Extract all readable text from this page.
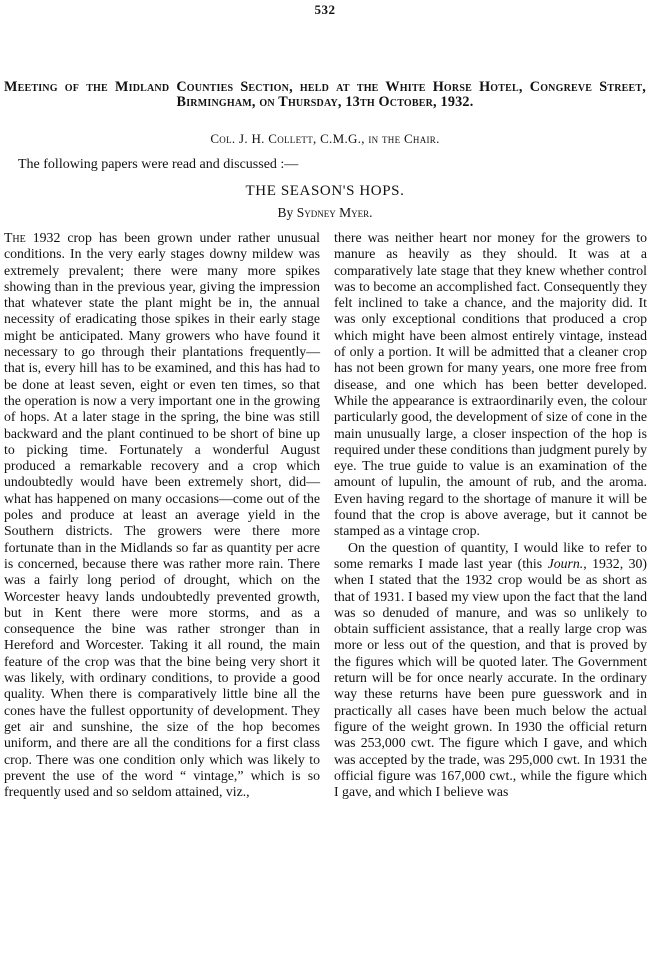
532
Meeting of the Midland Counties Section, held at the White Horse Hotel, Congreve Street, Birmingham, on Thursday, 13th October, 1932.
Col. J. H. Collett, C.M.G., in the Chair.
The following papers were read and discussed :—
THE SEASON'S HOPS.
By Sydney Myer.

The 1932 crop has been grown under rather unusual conditions. In the very early stages downy mildew was extremely prevalent; there were many more spikes showing than in the previous year, giving the impression that whatever state the plant might be in, the annual necessity of eradicating those spikes in their early stage might be anticipated. Many growers who have found it necessary to go through their plantations frequently—that is, every hill has to be examined, and this has had to be done at least seven, eight or even ten times, so that the operation is now a very important one in the growing of hops. At a later stage in the spring, the bine was still backward and the plant continued to be short of bine up to picking time. Fortunately a wonderful August produced a remarkable recovery and a crop which undoubtedly would have been extremely short, did—what has happened on many occasions—come out of the poles and produce at least an average yield in the Southern districts. The growers were there more fortunate than in the Midlands so far as quantity per acre is concerned, because there was rather more rain. There was a fairly long period of drought, which on the Worcester heavy lands undoubtedly prevented growth, but in Kent there were more storms, and as a consequence the bine was rather stronger than in Hereford and Worcester. Taking it all round, the main feature of the crop was that the bine being very short it was likely, with ordinary conditions, to provide a good quality. When there is comparatively little bine all the cones have the fullest opportunity of development. They get air and sunshine, the size of the hop becomes uniform, and there are all the conditions for a first class crop. There was one condition only which was likely to prevent the use of the word “ vintage,” which is so frequently used and so seldom attained, viz.,

there was neither heart nor money for the growers to manure as heavily as they should. It was at a comparatively late stage that they knew whether control was to become an accomplished fact. Consequently they felt inclined to take a chance, and the majority did. It was only exceptional conditions that produced a crop which might have been almost entirely vintage, instead of only a portion. It will be admitted that a cleaner crop has not been grown for many years, one more free from disease, and one which has been better developed. While the appearance is extraordinarily even, the colour particularly good, the development of size of cone in the main unusually large, a closer inspection of the hop is required under these conditions than judgment purely by eye. The true guide to value is an examination of the amount of lupulin, the amount of rub, and the aroma. Even having regard to the shortage of manure it will be found that the crop is above average, but it cannot be stamped as a vintage crop.

On the question of quantity, I would like to refer to some remarks I made last year (this Journ., 1932, 30) when I stated that the 1932 crop would be as short as that of 1931. I based my view upon the fact that the land was so denuded of manure, and was so unlikely to obtain sufficient assistance, that a really large crop was more or less out of the question, and that is proved by the figures which will be quoted later. The Government return will be for once nearly accurate. In the ordinary way these returns have been pure guesswork and in practically all cases have been much below the actual figure of the weight grown. In 1930 the official return was 253,000 cwt. The figure which I gave, and which was accepted by the trade, was 295,000 cwt. In 1931 the official figure was 167,000 cwt., while the figure which I gave, and which I believe was
